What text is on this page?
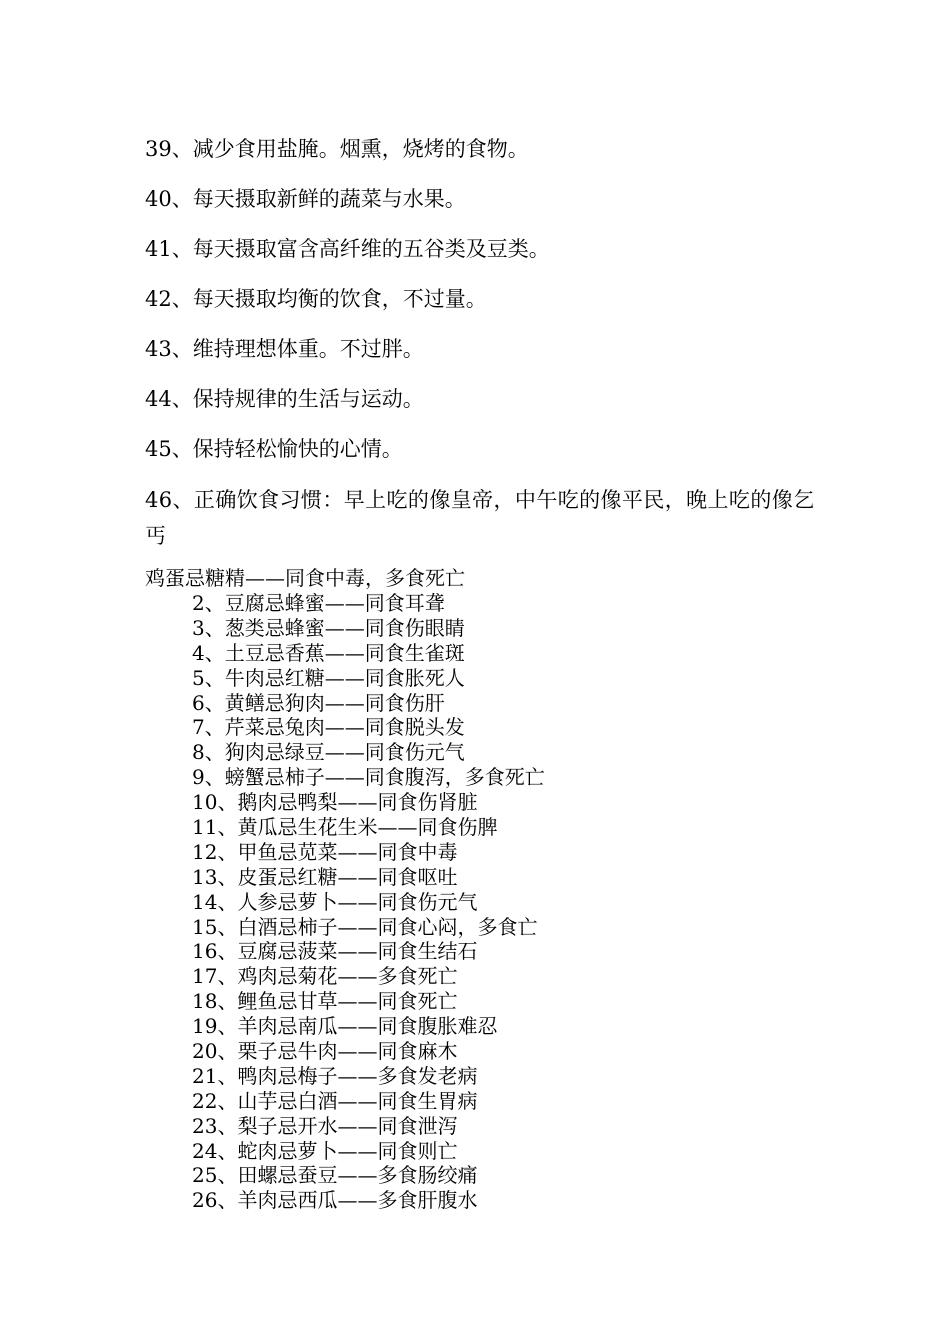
39、减少食用盐腌。烟熏，烧烤的食物。
40、每天摄取新鲜的蔬菜与水果。
41、每天摄取富含高纤维的五谷类及豆类。
42、每天摄取均衡的饮食，不过量。
43、维持理想体重。不过胖。
44、保持规律的生活与运动。
45、保持轻松愉快的心情。
46、正确饮食习惯：早上吃的像皇帝，中午吃的像平民，晚上吃的像乞丐
鸡蛋忌糖精——同食中毒，多食死亡
2、豆腐忌蜂蜜——同食耳聋
3、葱类忌蜂蜜——同食伤眼睛
4、土豆忌香蕉——同食生雀斑
5、牛肉忌红糖——同食胀死人
6、黄鳝忌狗肉——同食伤肝
7、芹菜忌兔肉——同食脱头发
8、狗肉忌绿豆——同食伤元气
9、螃蟹忌柿子——同食腹泻，多食死亡
10、鹅肉忌鸭梨——同食伤肾脏
11、黄瓜忌生花生米——同食伤脾
12、甲鱼忌苋菜——同食中毒
13、皮蛋忌红糖——同食呕吐
14、人参忌萝卜——同食伤元气
15、白酒忌柿子——同食心闷，多食亡
16、豆腐忌菠菜——同食生结石
17、鸡肉忌菊花——多食死亡
18、鲤鱼忌甘草——同食死亡
19、羊肉忌南瓜——同食腹胀难忍
20、栗子忌牛肉——同食麻木
21、鸭肉忌梅子——多食发老病
22、山芋忌白酒——同食生胃病
23、梨子忌开水——同食泄泻
24、蛇肉忌萝卜——同食则亡
25、田螺忌蚕豆——多食肠绞痛
26、羊肉忌西瓜——多食肝腹水
